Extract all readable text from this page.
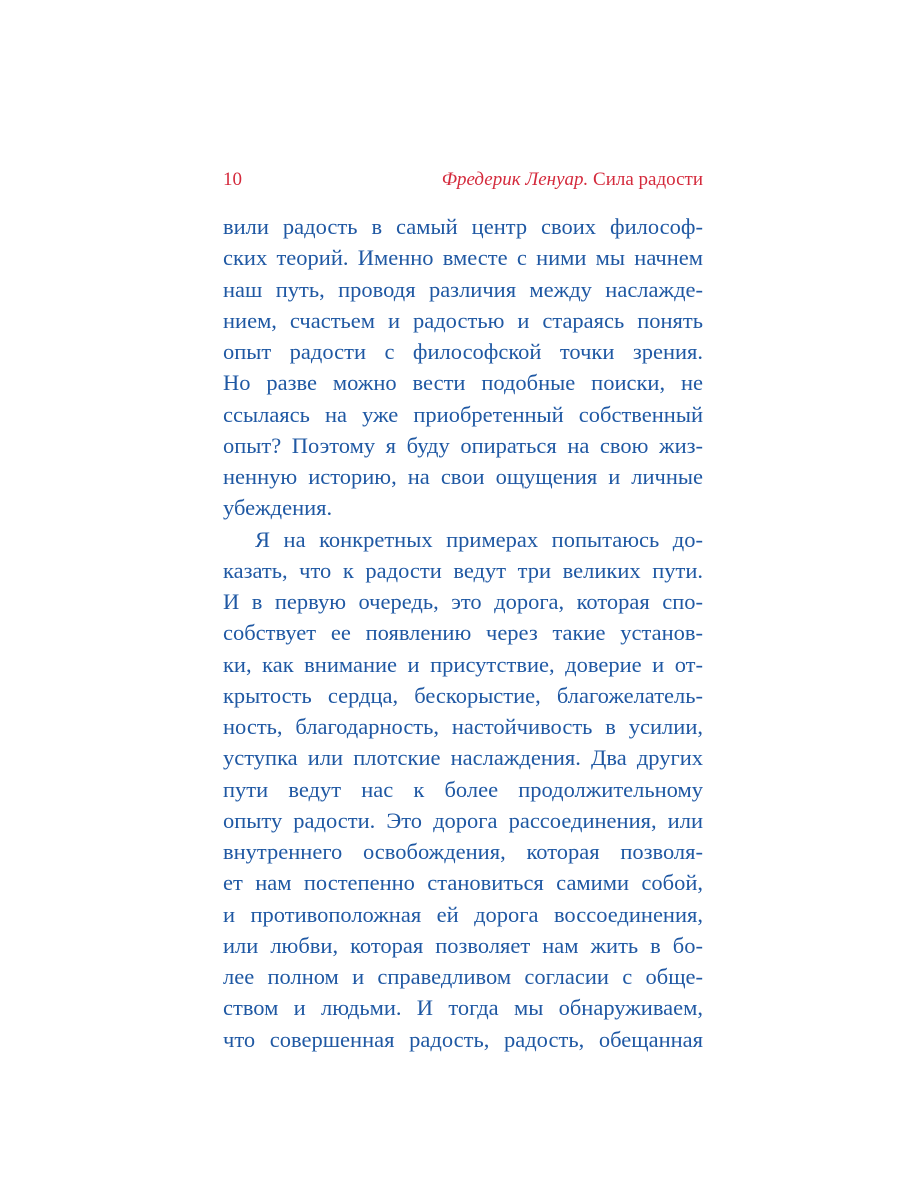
10	Фредерик Ленуар. Сила радости
вили радость в самый центр своих философ-
ских теорий. Именно вместе с ними мы начнем
наш путь, проводя различия между наслажде-
нием, счастьем и радостью и стараясь понять
опыт радости с философской точки зрения.
Но разве можно вести подобные поиски, не
ссылаясь на уже приобретенный собственный
опыт? Поэтому я буду опираться на свою жиз-
ненную историю, на свои ощущения и личные
убеждения.
Я на конкретных примерах попытаюсь до-
казать, что к радости ведут три великих пути.
И в первую очередь, это дорога, которая спо-
собствует ее появлению через такие установ-
ки, как внимание и присутствие, доверие и от-
крытость сердца, бескорыстие, благожелатель-
ность, благодарность, настойчивость в усилии,
уступка или плотские наслаждения. Два других
пути ведут нас к более продолжительному
опыту радости. Это дорога рассоединения, или
внутреннего освобождения, которая позволя-
ет нам постепенно становиться самими собой,
и противоположная ей дорога воссоединения,
или любви, которая позволяет нам жить в бо-
лее полном и справедливом согласии с обще-
ством и людьми. И тогда мы обнаруживаем,
что совершенная радость, радость, обещанная
